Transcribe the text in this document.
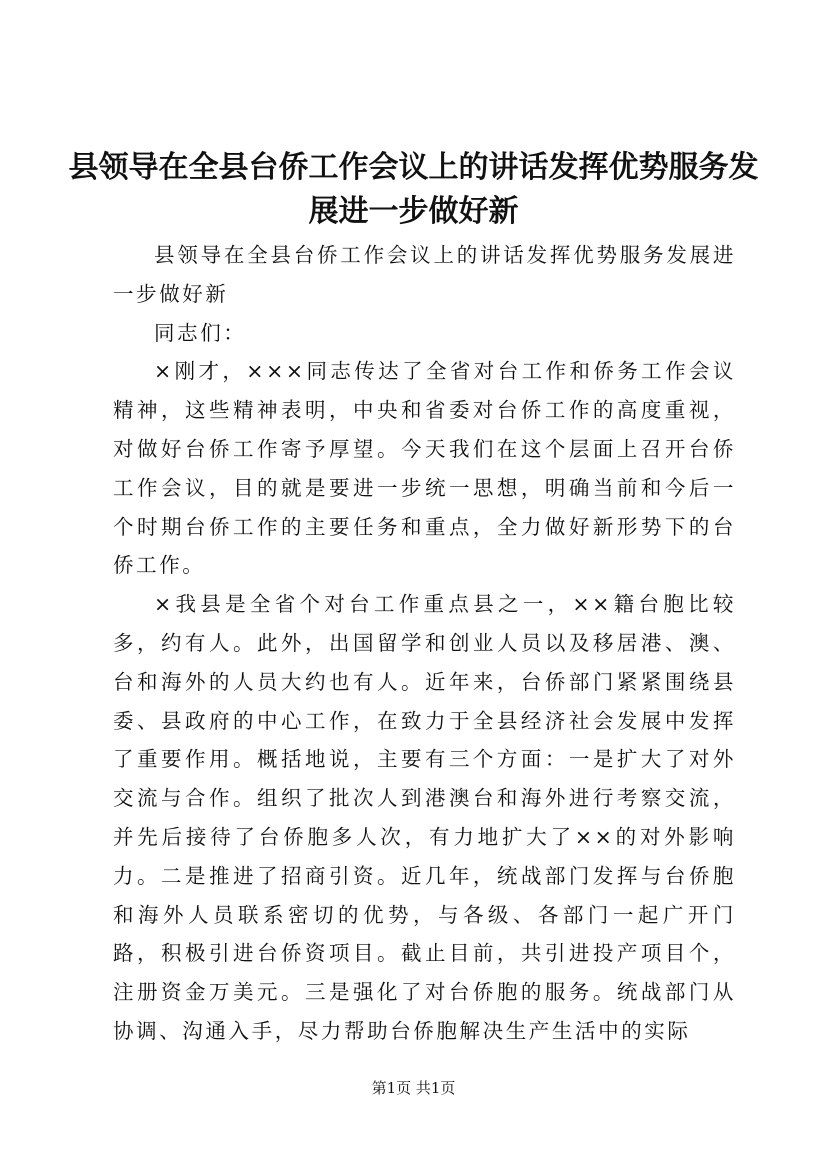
县领导在全县台侨工作会议上的讲话发挥优势服务发展进一步做好新

县领导在全县台侨工作会议上的讲话发挥优势服务发展进一步做好新

同志们：

×刚才，×××同志传达了全省对台工作和侨务工作会议精神，这些精神表明，中央和省委对台侨工作的高度重视，对做好台侨工作寄予厚望。今天我们在这个层面上召开台侨工作会议，目的就是要进一步统一思想，明确当前和今后一个时期台侨工作的主要任务和重点，全力做好新形势下的台侨工作。

×我县是全省个对台工作重点县之一，××籍台胞比较多，约有人。此外，出国留学和创业人员以及移居港、澳、台和海外的人员大约也有人。近年来，台侨部门紧紧围绕县委、县政府的中心工作，在致力于全县经济社会发展中发挥了重要作用。概括地说，主要有三个方面：一是扩大了对外交流与合作。组织了批次人到港澳台和海外进行考察交流，并先后接待了台侨胞多人次，有力地扩大了××的对外影响力。二是推进了招商引资。近几年，统战部门发挥与台侨胞和海外人员联系密切的优势，与各级、各部门一起广开门路，积极引进台侨资项目。截止目前，共引进投产项目个，注册资金万美元。三是强化了对台侨胞的服务。统战部门从协调、沟通入手，尽力帮助台侨胞解决生产生活中的实际

第1页 共1页
